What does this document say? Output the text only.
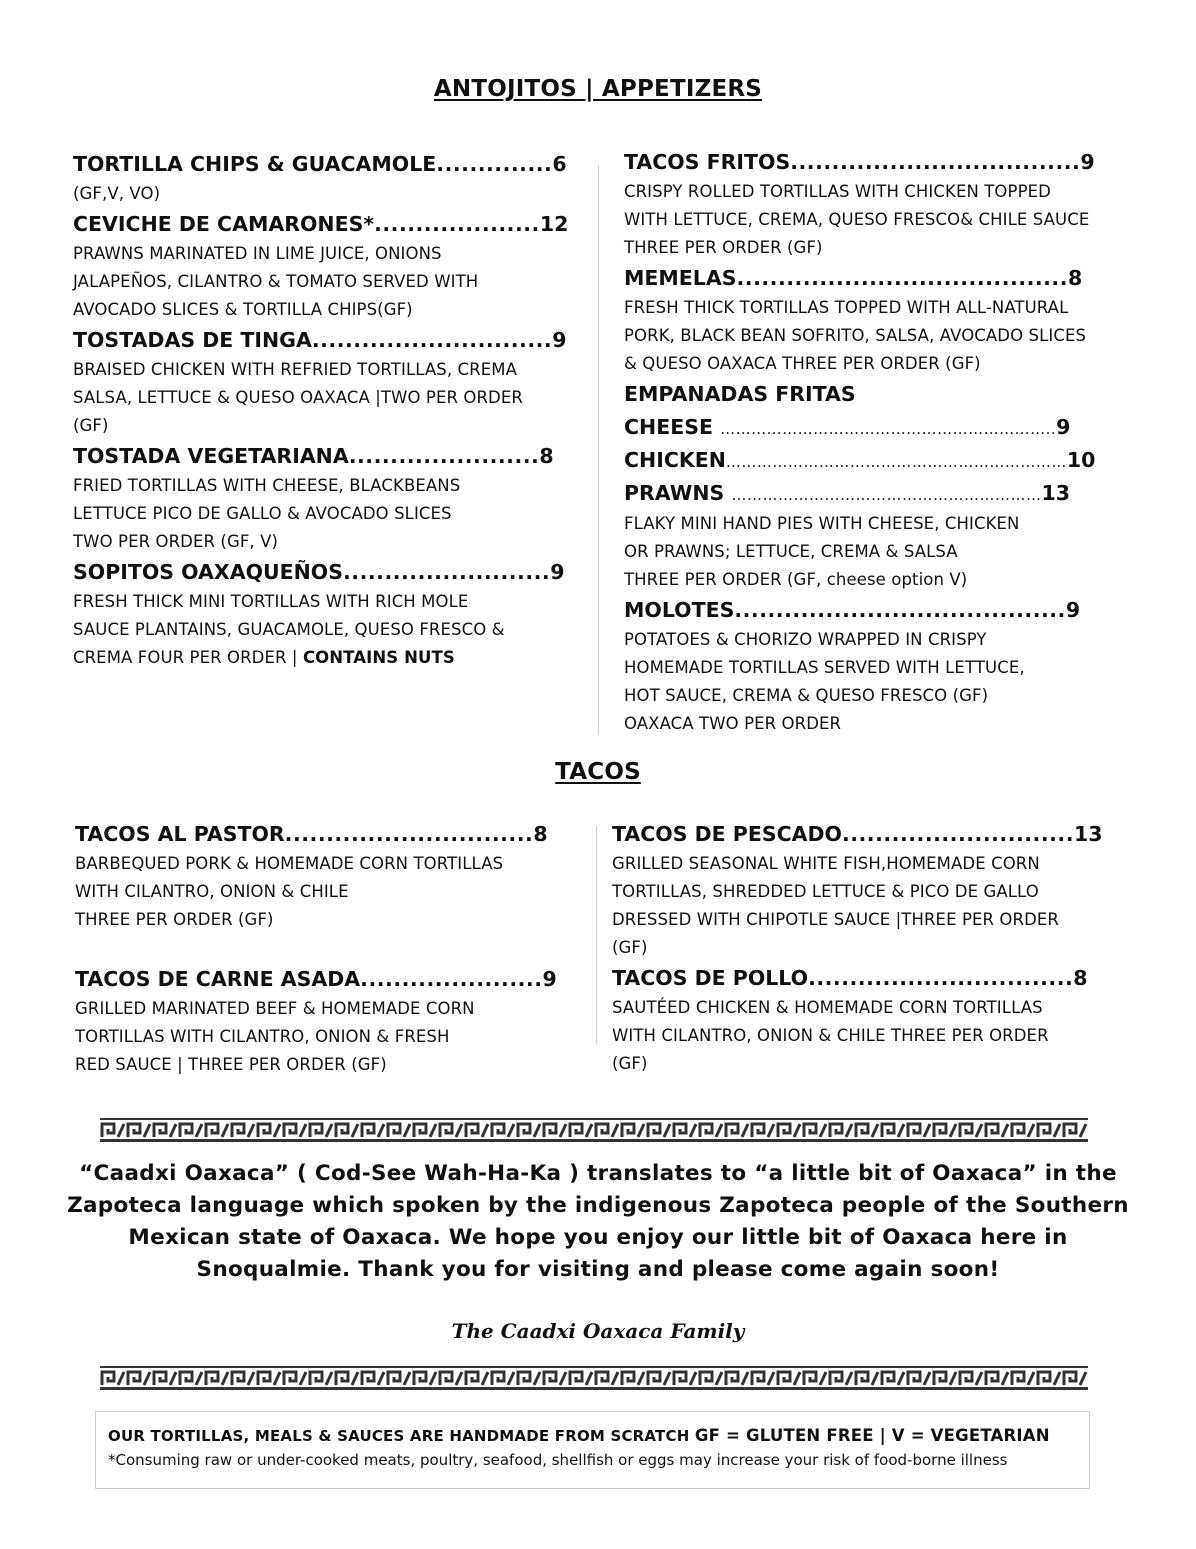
ANTOJITOS | APPETIZERS
TORTILLA CHIPS & GUACAMOLE..............6
(GF,V, VO)
CEVICHE DE CAMARONES*....................12
PRAWNS MARINATED IN LIME JUICE, ONIONS
JALAPEÑOS, CILANTRO & TOMATO SERVED WITH
AVOCADO SLICES & TORTILLA CHIPS(GF)
TOSTADAS DE TINGA.............................9
BRAISED CHICKEN WITH REFRIED TORTILLAS, CREMA
SALSA, LETTUCE & QUESO OAXACA |TWO PER ORDER
(GF)
TOSTADA VEGETARIANA.......................8
FRIED TORTILLAS WITH CHEESE, BLACKBEANS
LETTUCE PICO DE GALLO & AVOCADO SLICES
TWO PER ORDER (GF, V)
SOPITOS OAXAQUEÑOS.........................9
FRESH THICK MINI TORTILLAS WITH RICH MOLE
SAUCE PLANTAINS, GUACAMOLE, QUESO FRESCO &
CREMA FOUR PER ORDER | CONTAINS NUTS
TACOS FRITOS...................................9
CRISPY ROLLED TORTILLAS WITH CHICKEN TOPPED
WITH LETTUCE, CREMA, QUESO FRESCO& CHILE SAUCE
THREE PER ORDER (GF)
MEMELAS........................................8
FRESH THICK TORTILLAS TOPPED WITH ALL-NATURAL
PORK, BLACK BEAN SOFRITO, SALSA, AVOCADO SLICES
& QUESO OAXACA THREE PER ORDER (GF)
EMPANADAS FRITAS
CHEESE ………………………………………………………..9
CHICKEN…………………………………………………………10
PRAWNS ……………………………………………………13
FLAKY MINI HAND PIES WITH CHEESE, CHICKEN
OR PRAWNS; LETTUCE, CREMA & SALSA
THREE PER ORDER (GF, cheese option V)
MOLOTES........................................9
POTATOES & CHORIZO WRAPPED IN CRISPY
HOMEMADE TORTILLAS SERVED WITH LETTUCE,
HOT SAUCE, CREMA & QUESO FRESCO (GF)
OAXACA TWO PER ORDER
TACOS
TACOS AL PASTOR..............................8
BARBEQUED PORK & HOMEMADE CORN TORTILLAS
WITH CILANTRO, ONION & CHILE
THREE PER ORDER (GF)
TACOS DE CARNE ASADA......................9
GRILLED MARINATED BEEF & HOMEMADE CORN
TORTILLAS WITH CILANTRO, ONION & FRESH
RED SAUCE | THREE PER ORDER (GF)
TACOS DE PESCADO............................13
GRILLED SEASONAL WHITE FISH,HOMEMADE CORN
TORTILLAS, SHREDDED LETTUCE & PICO DE GALLO
DRESSED WITH CHIPOTLE SAUCE |THREE PER ORDER
(GF)
TACOS DE POLLO................................8
SAUTÉED CHICKEN & HOMEMADE CORN TORTILLAS
WITH CILANTRO, ONION & CHILE THREE PER ORDER
(GF)
“Caadxi Oaxaca” ( Cod-See Wah-Ha-Ka ) translates to “a little bit of Oaxaca” in the Zapoteca language which spoken by the indigenous Zapoteca people of the Southern Mexican state of Oaxaca. We hope you enjoy our little bit of Oaxaca here in Snoqualmie. Thank you for visiting and please come again soon!
The Caadxi Oaxaca Family
OUR TORTILLAS, MEALS & SAUCES ARE HANDMADE FROM SCRATCH GF = GLUTEN FREE | V = VEGETARIAN
*Consuming raw or under-cooked meats, poultry, seafood, shellfish or eggs may increase your risk of food-borne illness
